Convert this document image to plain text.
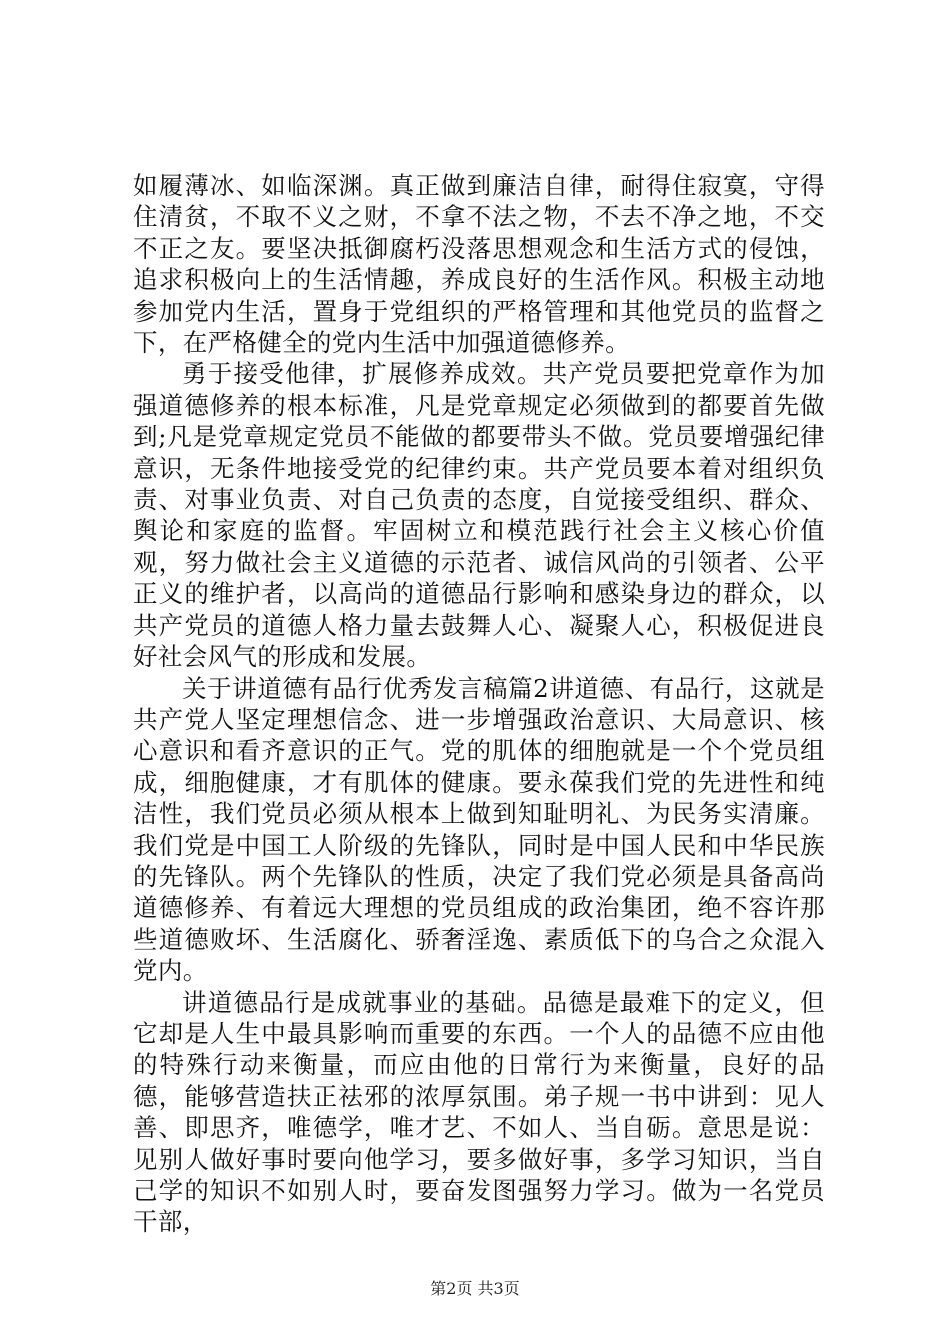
如履薄冰、如临深渊。真正做到廉洁自律，耐得住寂寞，守得住清贫，不取不义之财，不拿不法之物，不去不净之地，不交不正之友。要坚决抵御腐朽没落思想观念和生活方式的侵蚀，追求积极向上的生活情趣，养成良好的生活作风。积极主动地参加党内生活，置身于党组织的严格管理和其他党员的监督之下，在严格健全的党内生活中加强道德修养。

勇于接受他律，扩展修养成效。共产党员要把党章作为加强道德修养的根本标准，凡是党章规定必须做到的都要首先做到;凡是党章规定党员不能做的都要带头不做。党员要增强纪律意识，无条件地接受党的纪律约束。共产党员要本着对组织负责、对事业负责、对自己负责的态度，自觉接受组织、群众、舆论和家庭的监督。牢固树立和模范践行社会主义核心价值观，努力做社会主义道德的示范者、诚信风尚的引领者、公平正义的维护者，以高尚的道德品行影响和感染身边的群众，以共产党员的道德人格力量去鼓舞人心、凝聚人心，积极促进良好社会风气的形成和发展。

关于讲道德有品行优秀发言稿篇2讲道德、有品行，这就是共产党人坚定理想信念、进一步增强政治意识、大局意识、核心意识和看齐意识的正气。党的肌体的细胞就是一个个党员组成，细胞健康，才有肌体的健康。要永葆我们党的先进性和纯洁性，我们党员必须从根本上做到知耻明礼、为民务实清廉。我们党是中国工人阶级的先锋队，同时是中国人民和中华民族的先锋队。两个先锋队的性质，决定了我们党必须是具备高尚道德修养、有着远大理想的党员组成的政治集团，绝不容许那些道德败坏、生活腐化、骄奢淫逸、素质低下的乌合之众混入党内。

讲道德品行是成就事业的基础。品德是最难下的定义，但它却是人生中最具影响而重要的东西。一个人的品德不应由他的特殊行动来衡量，而应由他的日常行为来衡量，良好的品德，能够营造扶正祛邪的浓厚氛围。弟子规一书中讲到：见人善、即思齐，唯德学，唯才艺、不如人、当自砺。意思是说：见别人做好事时要向他学习，要多做好事，多学习知识，当自己学的知识不如别人时，要奋发图强努力学习。做为一名党员干部，

第2页 共3页
